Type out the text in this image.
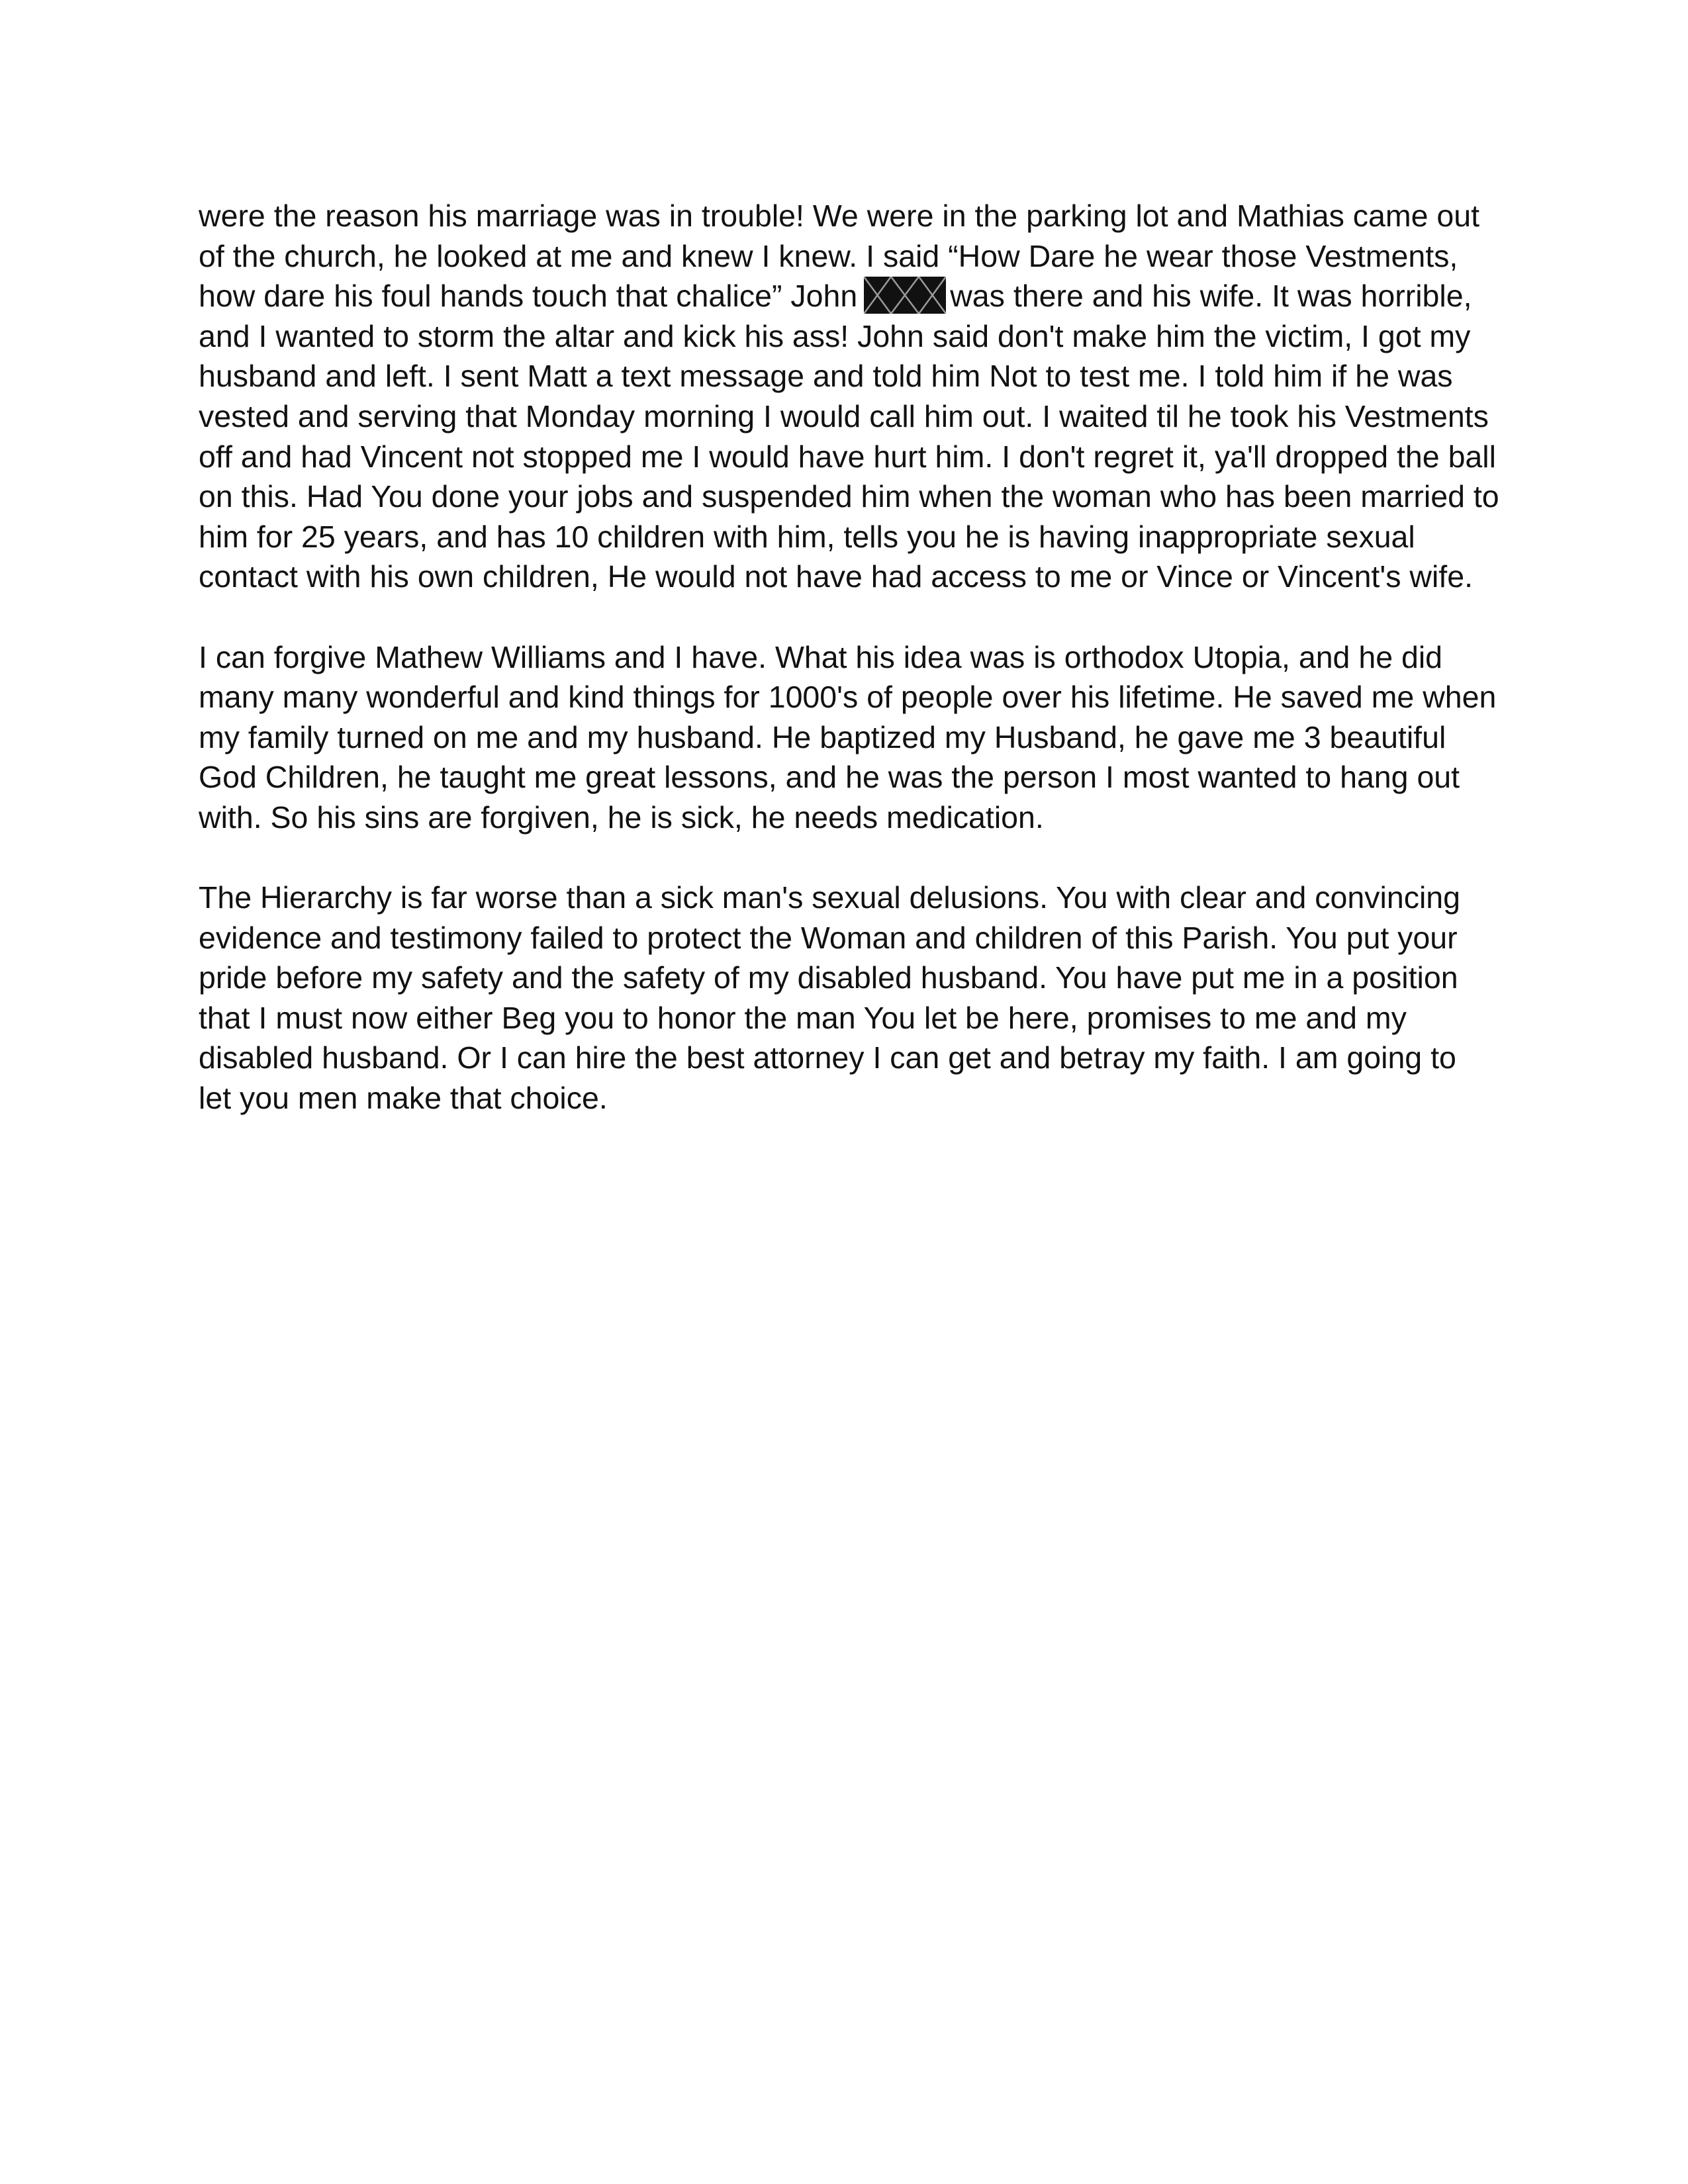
were the reason his marriage was in trouble! We were in the parking lot and Mathias came out
of the church, he looked at me and knew I knew. I said “How Dare he wear those Vestments,
how dare his foul hands touch that chalice” John	was there and his wife. It was horrible,
and I wanted to storm the altar and kick his ass! John said don't make him the victim, I got my
husband and left. I sent Matt a text message and told him Not to test me. I told him if he was
vested and serving that Monday morning I would call him out. I waited til he took his Vestments
off and had Vincent not stopped me I would have hurt him. I don't regret it, ya'll dropped the ball
on this. Had You done your jobs and suspended him when the woman who has been married to
him for 25 years, and has 10 children with him, tells you he is having inappropriate sexual
contact with his own children, He would not have had access to me or Vince or Vincent's wife.

I can forgive Mathew Williams and I have. What his idea was is orthodox Utopia, and he did
many many wonderful and kind things for 1000's of people over his lifetime. He saved me when
my family turned on me and my husband. He baptized my Husband, he gave me 3 beautiful
God Children, he taught me great lessons, and he was the person I most wanted to hang out
with. So his sins are forgiven, he is sick, he needs medication.

The Hierarchy is far worse than a sick man's sexual delusions. You with clear and convincing
evidence and testimony failed to protect the Woman and children of this Parish. You put your
pride before my safety and the safety of my disabled husband. You have put me in a position
that I must now either Beg you to honor the man You let be here, promises to me and my
disabled husband. Or I can hire the best attorney I can get and betray my faith. I am going to
let you men make that choice.
